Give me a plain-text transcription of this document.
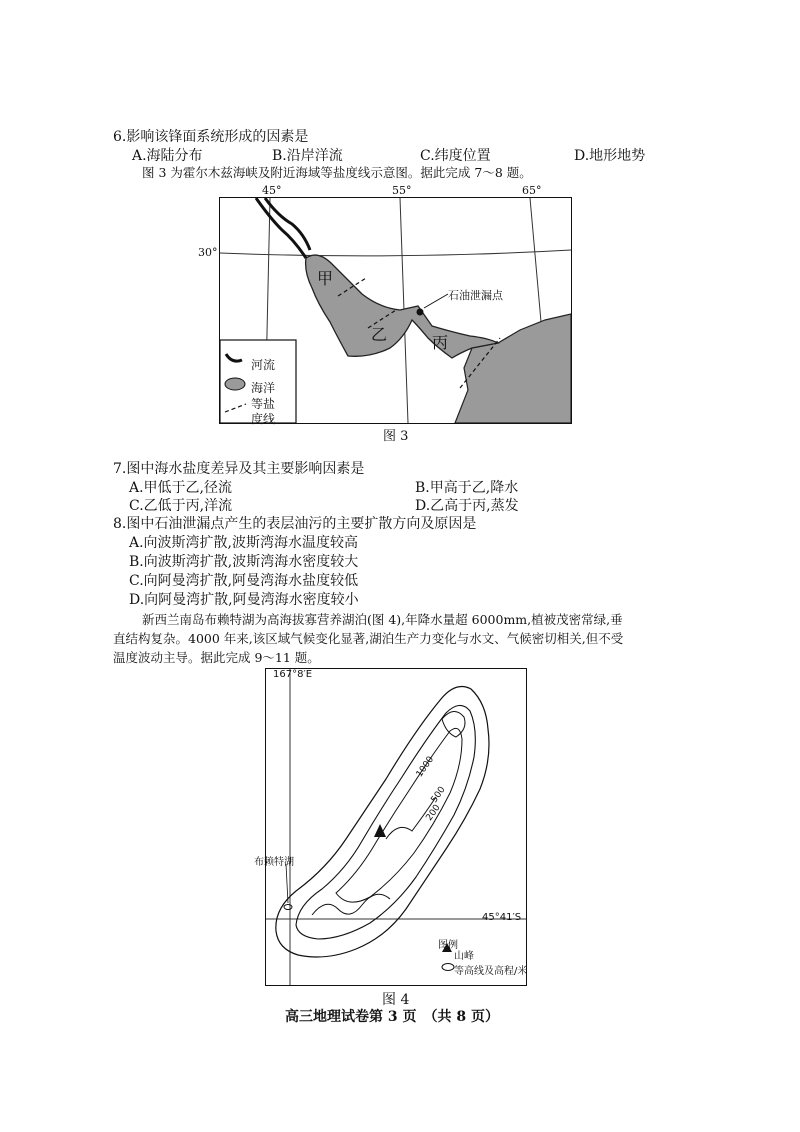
6.影响该锋面系统形成的因素是
A.海陆分布	B.沿岸洋流	C.纬度位置	D.地形地势
图 3 为霍尔木兹海峡及附近海域等盐度线示意图。据此完成 7～8 题。
45°	55°	65°
30°
甲
乙	丙
石油泄漏点
河流
海洋
等盐
度线
图 3
7.图中海水盐度差异及其主要影响因素是
A.甲低于乙,径流	B.甲高于乙,降水
C.乙低于丙,洋流	D.乙高于丙,蒸发
8.图中石油泄漏点产生的表层油污的主要扩散方向及原因是
A.向波斯湾扩散,波斯湾海水温度较高
B.向波斯湾扩散,波斯湾海水密度较大
C.向阿曼湾扩散,阿曼湾海水盐度较低
D.向阿曼湾扩散,阿曼湾海水密度较小
新西兰南岛布赖特湖为高海拔寡营养湖泊(图 4),年降水量超 6000mm,植被茂密常绿,垂
直结构复杂。4000 年来,该区域气候变化显著,湖泊生产力变化与水文、气候密切相关,但不受
温度波动主导。据此完成 9～11 题。
167°8′E
45°41′S
1000
500
200
布赖特湖
图例
山峰
等高线及高程/米
图 4
高三地理试卷第 3 页　（共 8 页）
